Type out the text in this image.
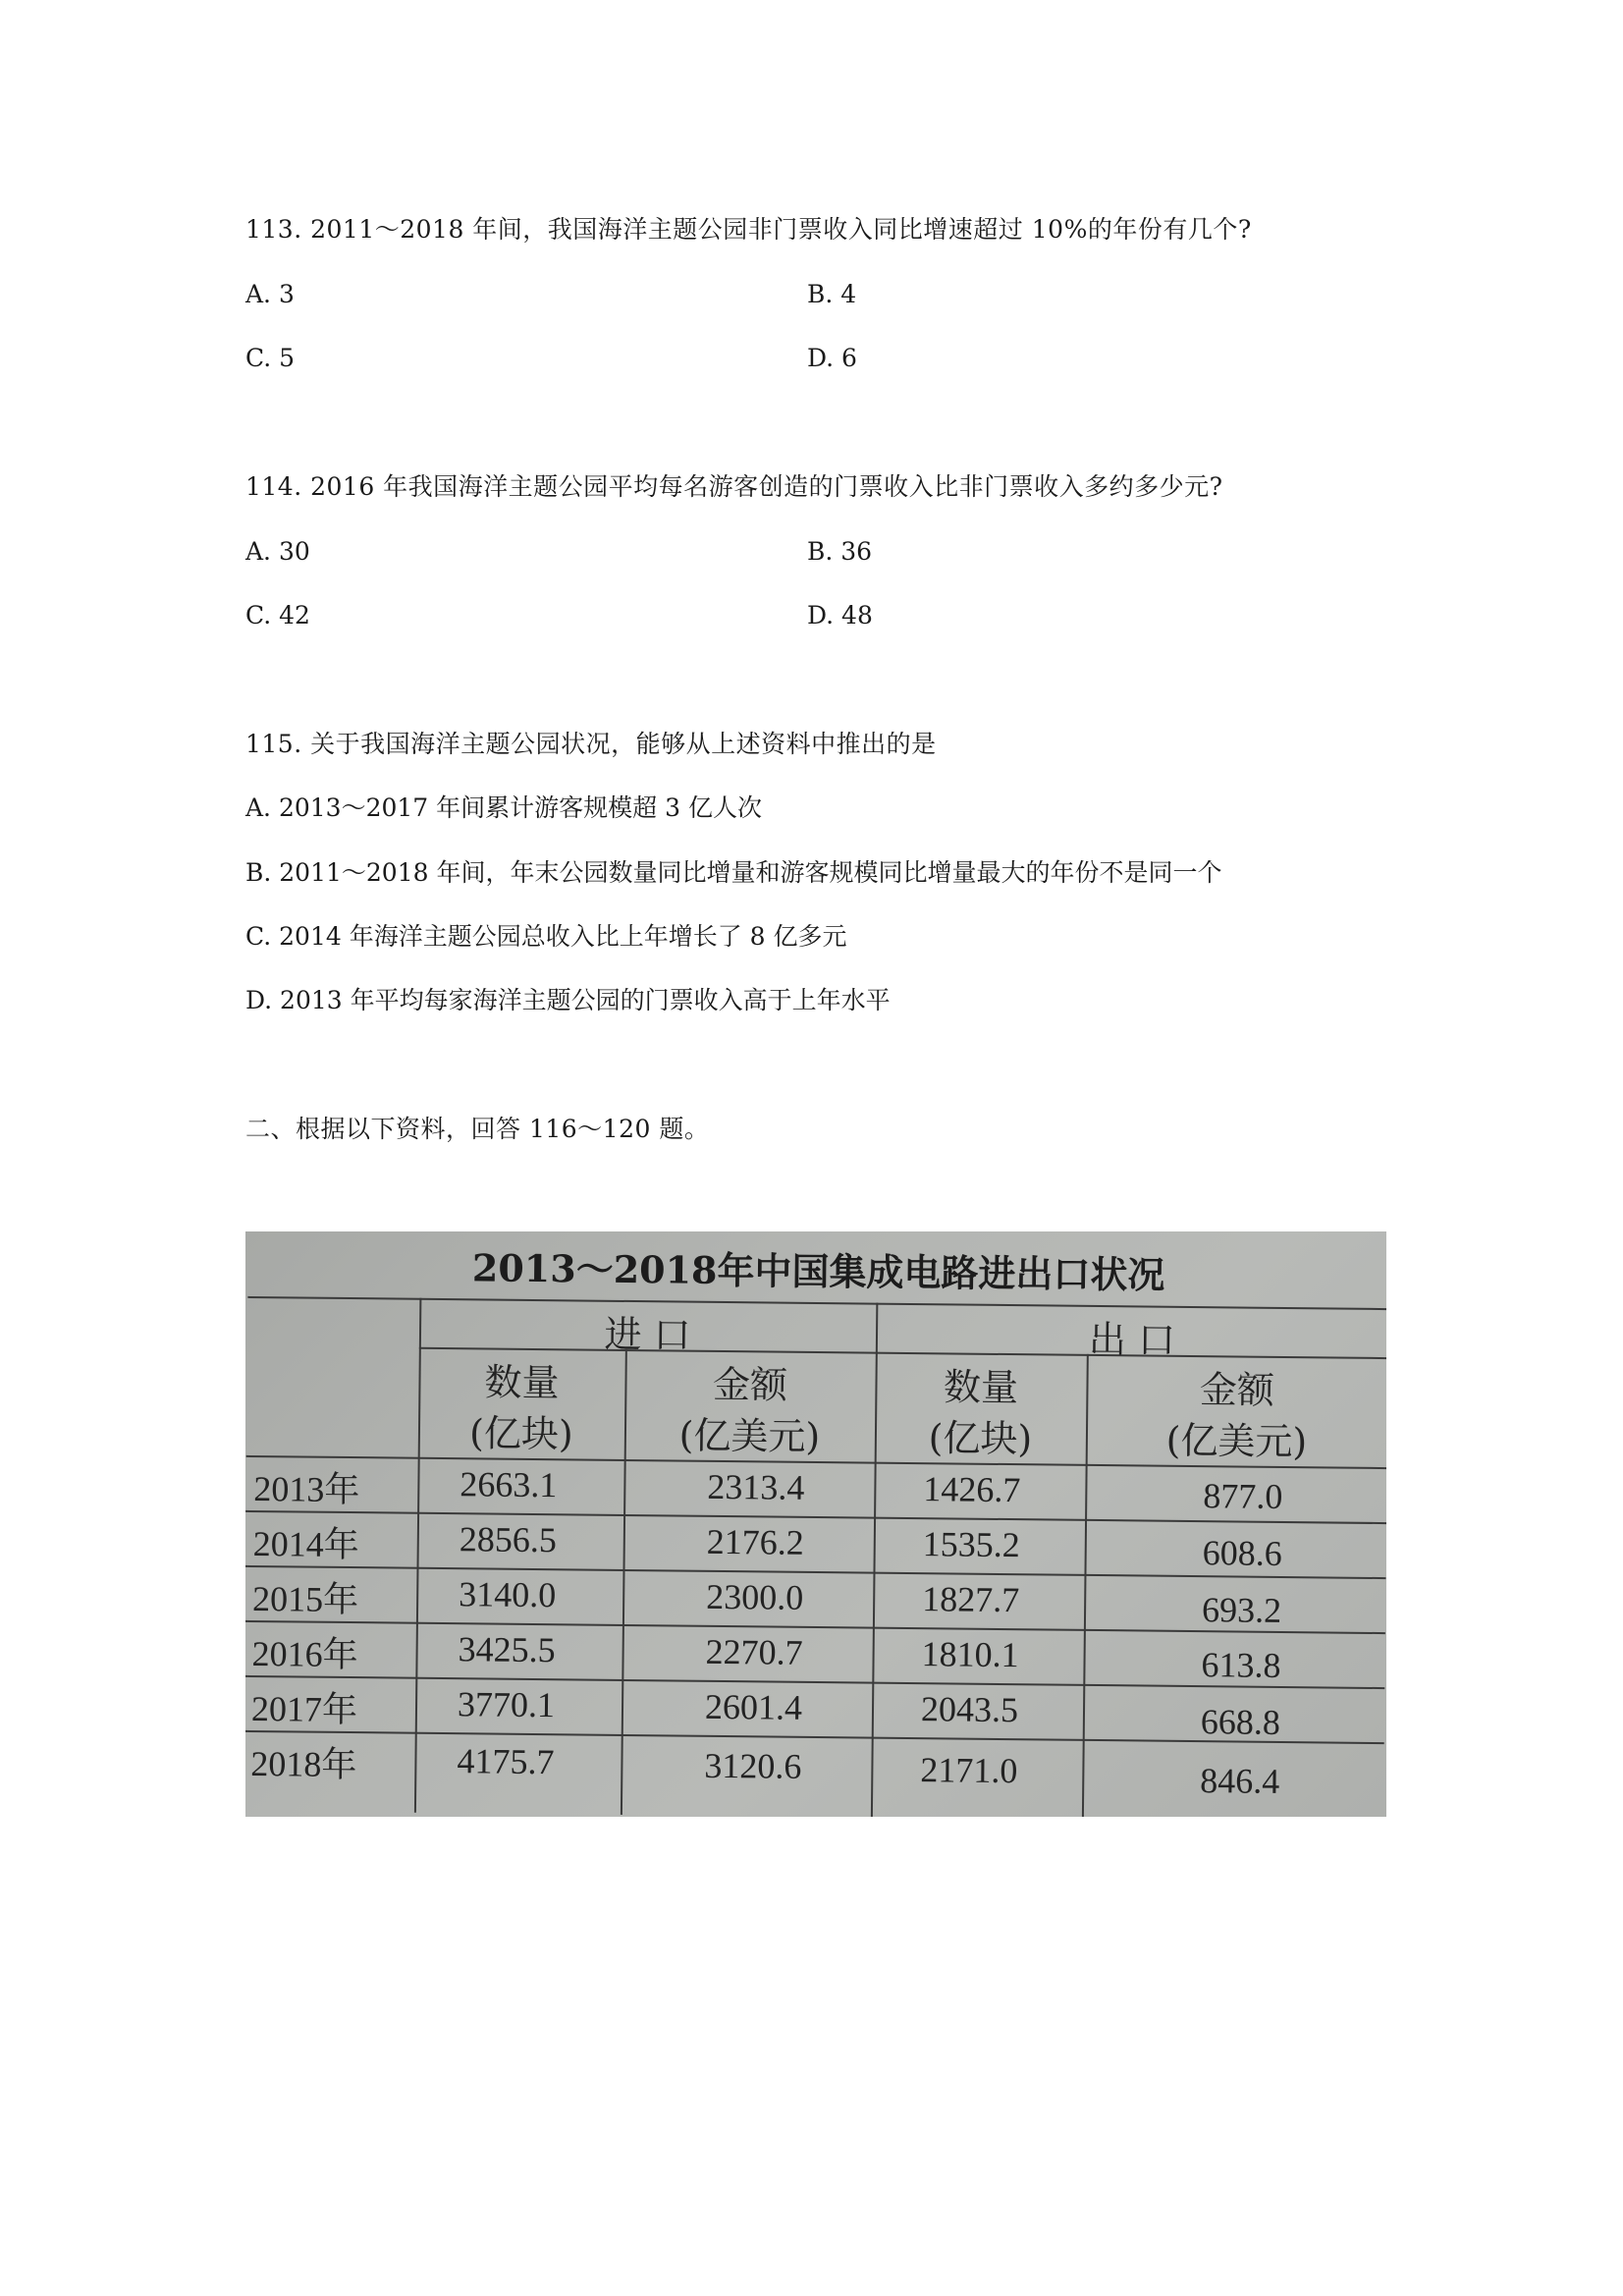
113. 2011～2018 年间，我国海洋主题公园非门票收入同比增速超过 10%的年份有几个?
A. 3	B. 4
C. 5	D. 6
114. 2016 年我国海洋主题公园平均每名游客创造的门票收入比非门票收入多约多少元?
A. 30	B. 36
C. 42	D. 48
115. 关于我国海洋主题公园状况，能够从上述资料中推出的是
A. 2013～2017 年间累计游客规模超 3 亿人次
B. 2011～2018 年间，年末公园数量同比增量和游客规模同比增量最大的年份不是同一个
C. 2014 年海洋主题公园总收入比上年增长了 8 亿多元
D. 2013 年平均每家海洋主题公园的门票收入高于上年水平
二、根据以下资料，回答 116～120 题。
2013～2018年中国集成电路进出口状况
进 口	出 口
数量
(亿块)
金额
(亿美元)
数量
(亿块)
金额
(亿美元)
2013年	2663.1	2313.4	1426.7	877.0
2014年	2856.5	2176.2	1535.2	608.6
2015年	3140.0	2300.0	1827.7	693.2
2016年	3425.5	2270.7	1810.1	613.8
2017年	3770.1	2601.4	2043.5	668.8
2018年	4175.7	3120.6	2171.0	846.4
